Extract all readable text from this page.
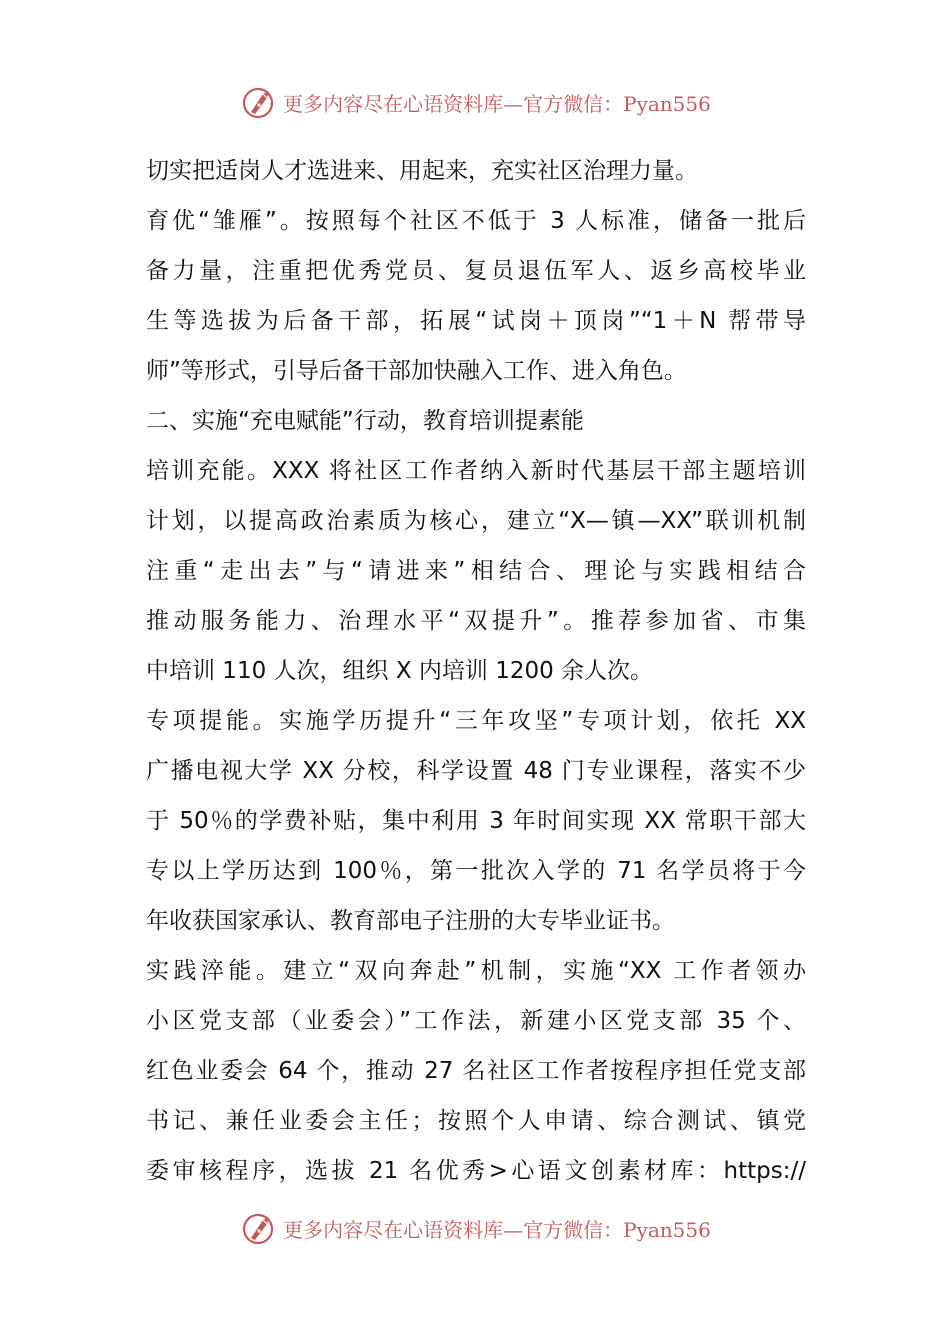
更多内容尽在心语资料库—官方微信：Pyan556
切实把适岗人才选进来、用起来，充实社区治理力量。
育优“雏雁”。按照每个社区不低于 3 人标准，储备一批后
备力量，注重把优秀党员、复员退伍军人、返乡高校毕业
生等选拔为后备干部，拓展“试岗＋顶岗”“1＋N 帮带导
师”等形式，引导后备干部加快融入工作、进入角色。
二、实施“充电赋能”行动，教育培训提素能
培训充能。XXX 将社区工作者纳入新时代基层干部主题培训
计划，以提高政治素质为核心，建立“X—镇—XX”联训机制
注重“走出去”与“请进来”相结合、理论与实践相结合
推动服务能力、治理水平“双提升”。推荐参加省、市集
中培训 110 人次，组织 X 内培训 1200 余人次。
专项提能。实施学历提升“三年攻坚”专项计划，依托 XX
广播电视大学 XX 分校，科学设置 48 门专业课程，落实不少
于 50％的学费补贴，集中利用 3 年时间实现 XX 常职干部大
专以上学历达到 100％，第一批次入学的 71 名学员将于今
年收获国家承认、教育部电子注册的大专毕业证书。
实践淬能。建立“双向奔赴”机制，实施“XX 工作者领办
小区党支部（业委会）”工作法，新建小区党支部 35 个、
红色业委会 64 个，推动 27 名社区工作者按程序担任党支部
书记、兼任业委会主任；按照个人申请、综合测试、镇党
委审核程序，选拔 21 名优秀>心语文创素材库：https://
更多内容尽在心语资料库—官方微信：Pyan556
